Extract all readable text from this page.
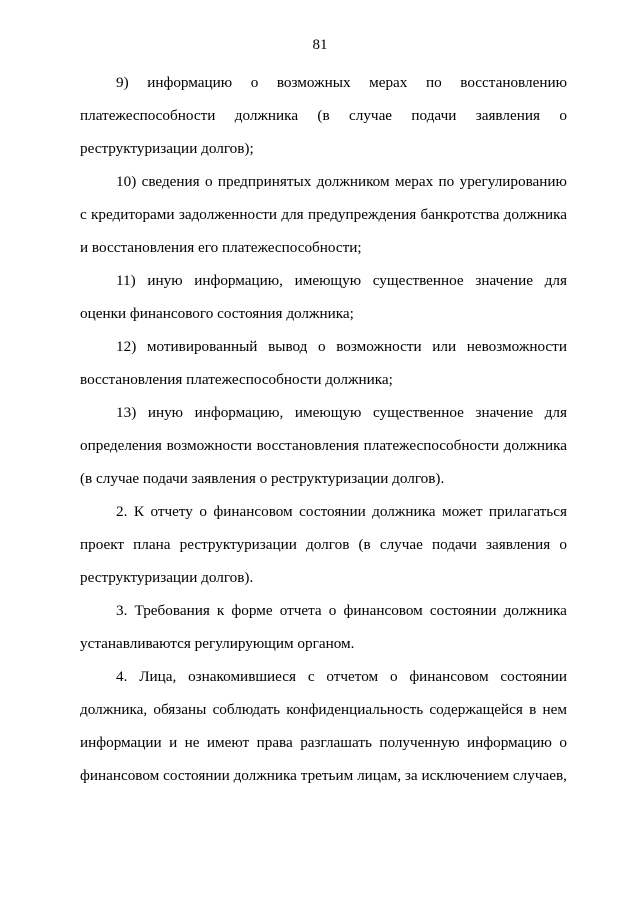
81
9) информацию о возможных мерах по восстановлению
платежеспособности должника (в случае подачи заявления о
реструктуризации долгов);
10) сведения о предпринятых должником мерах по урегулированию
с кредиторами задолженности для предупреждения банкротства должника
и восстановления его платежеспособности;
11) иную информацию, имеющую существенное значение для
оценки финансового состояния должника;
12) мотивированный вывод о возможности или невозможности
восстановления платежеспособности должника;
13) иную информацию, имеющую существенное значение для
определения возможности восстановления платежеспособности должника
(в случае подачи заявления о реструктуризации долгов).
2. К отчету о финансовом состоянии должника может прилагаться
проект плана реструктуризации долгов (в случае подачи заявления о
реструктуризации долгов).
3. Требования к форме отчета о финансовом состоянии должника
устанавливаются регулирующим органом.
4. Лица, ознакомившиеся с отчетом о финансовом состоянии
должника, обязаны соблюдать конфиденциальность содержащейся в нем
информации и не имеют права разглашать полученную информацию о
финансовом состоянии должника третьим лицам, за исключением случаев,
